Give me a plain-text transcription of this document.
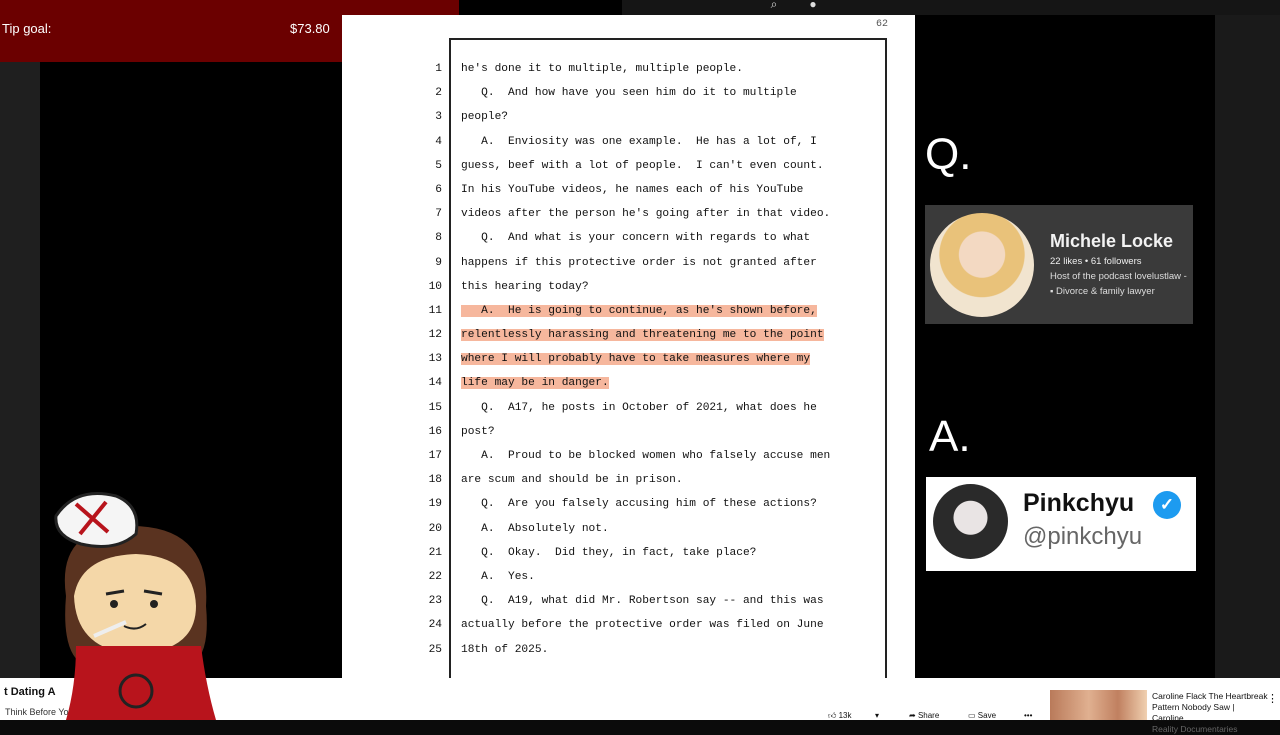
⌕	●
Tip goal:	$73.80	62
1 he's done it to multiple, multiple people.
2 Q.  And how have you seen him do it to multiple
3 people?
4 A.  Enviosity was one example.  He has a lot of, I
5 guess, beef with a lot of people.  I can't even count.
6 In his YouTube videos, he names each of his YouTube
7 videos after the person he's going after in that video.
8 Q.  And what is your concern with regards to what
9 happens if this protective order is not granted after
10 this hearing today?
11 A.  He is going to continue, as he's shown before,
12 relentlessly harassing and threatening me to the point
13 where I will probably have to take measures where my
14 life may be in danger.
15 Q.  A17, he posts in October of 2021, what does he
16 post?
17 A.  Proud to be blocked women who falsely accuse men
18 are scum and should be in prison.
19 Q.  Are you falsely accusing him of these actions?
20 A.  Absolutely not.
21 Q.  Okay.  Did they, in fact, take place?
22 A.  Yes.
23 Q.  A19, what did Mr. Robertson say -- and this was
24 actually before the protective order was filed on June
25 18th of 2025.
Q.
Michele Locke
22 likes • 61 followers
Host of the podcast lovelustlaw -
▪ Divorce & family lawyer
A.
Pinkchyu	✓
@pinkchyu
t Dating A
Think Before Yo	👍︎ 13k	▾	➦ Share	▭ Save	•••
Caroline Flack The Heartbreak Pattern Nobody Saw | Caroline...
Reality Documentaries
⋮
